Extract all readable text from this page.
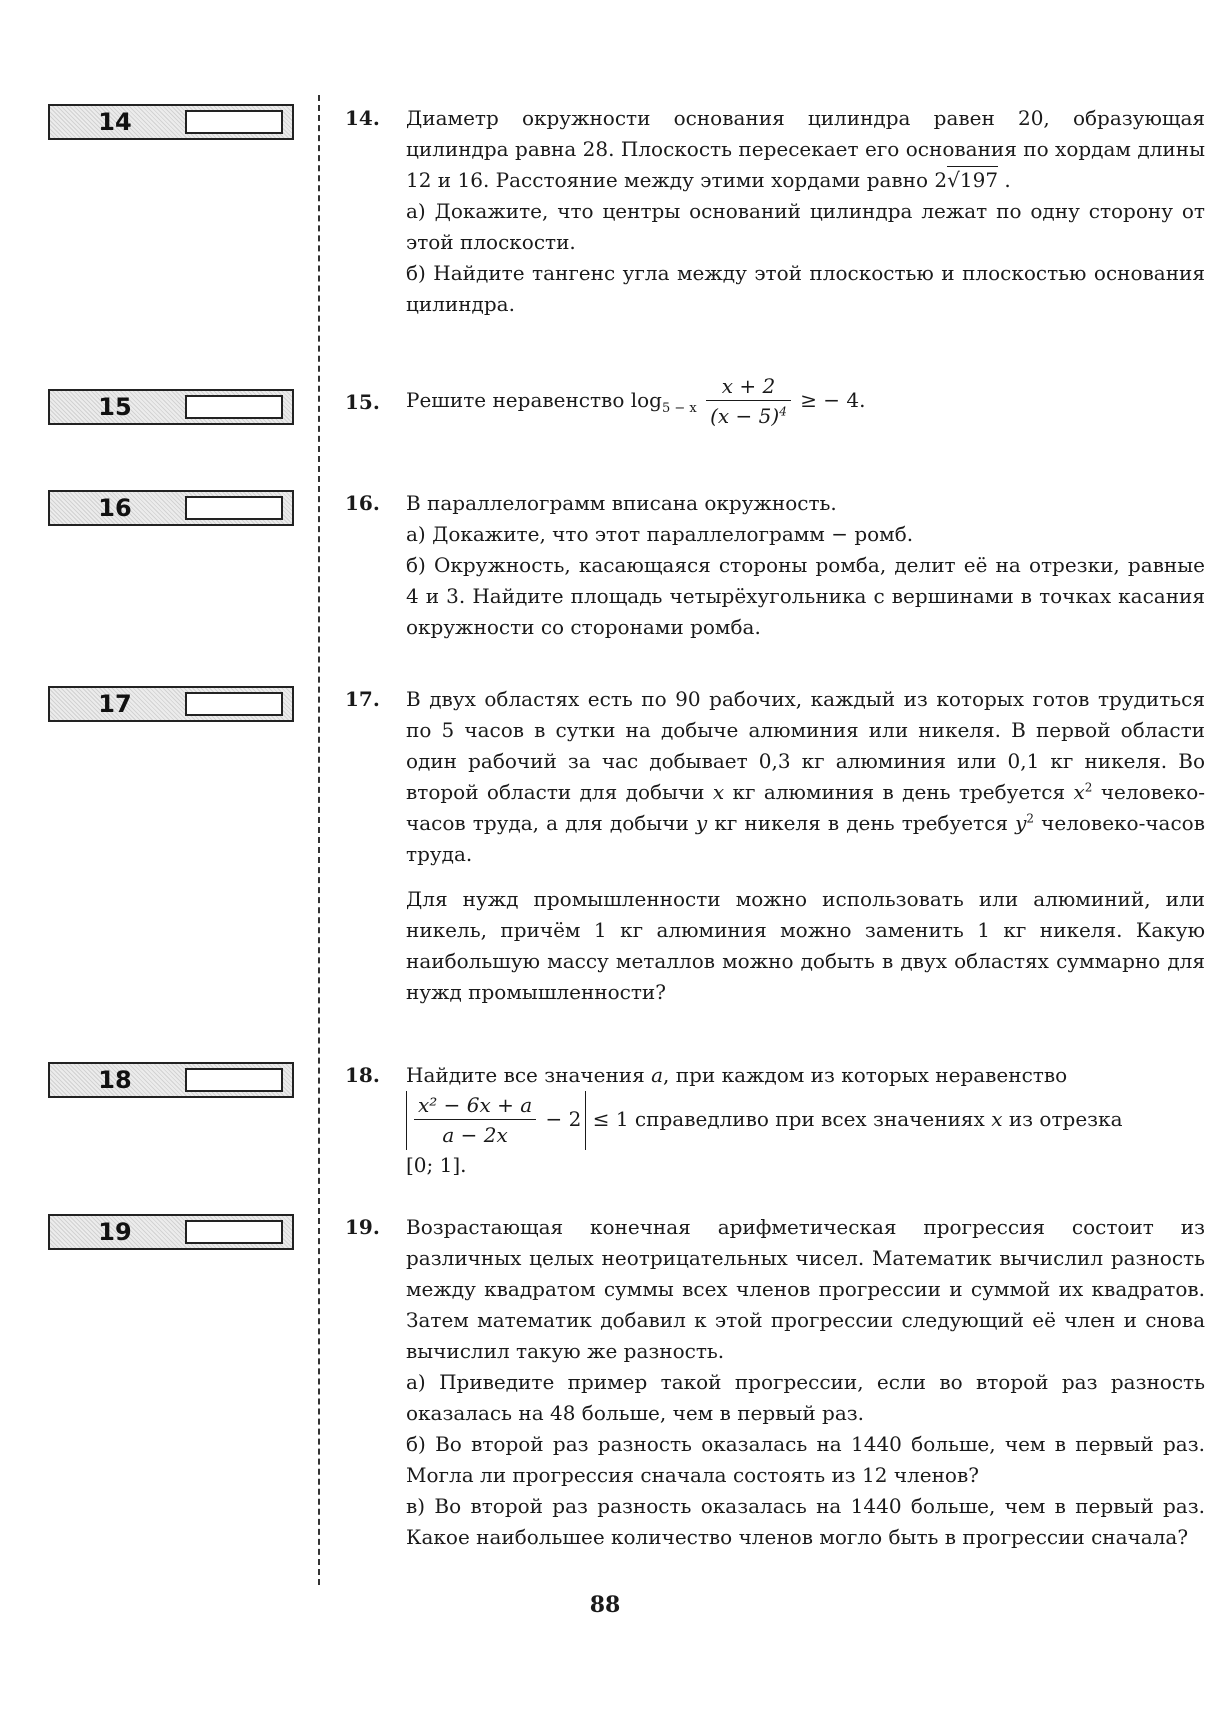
14
15
16
17
18
19
14. Диаметр окружности основания цилиндра равен 20, образующая цилиндра равна 28. Плоскость пересекает его основания по хордам длины 12 и 16. Расстояние между этими хордами равно 2√197 .

а) Докажите, что центры оснований цилиндра лежат по одну сторону от этой плоскости.

б) Найдите тангенс угла между этой плоскостью и плоскостью основания цилиндра.

15. Решите неравенство $\log_{5 - x} \frac{x + 2}{(x - 5)^4}$ ≥ − 4.
16. В параллелограмм вписана окружность.

а) Докажите, что этот параллелограмм − ромб.

б) Окружность, касающаяся стороны ромба, делит её на отрезки, равные 4 и 3. Найдите площадь четырёхугольника с вершинами в точках касания окружности со сторонами ромба.

17. В двух областях есть по 90 рабочих, каждый из которых готов трудиться по 5 часов в сутки на добыче алюминия или никеля. В первой области один рабочий за час добывает 0,3 кг алюминия или 0,1 кг никеля. Во второй области для добычи x кг алюминия в день требуется $x^2$ человеко-часов труда, а для добычи y кг никеля в день требуется $y^2$ человеко-часов труда.

Для нужд промышленности можно использовать или алюминий, или никель, причём 1 кг алюминия можно заменить 1 кг никеля. Какую наибольшую массу металлов можно добыть в двух областях суммарно для нужд промышленности?

18. Найдите все значения a, при каждом из которых неравенство

$\frac{\text{x² − 6x + a}}{a - 2x} - 2 \le 1$ справедливо при всех значениях x из отрезка

[0; 1].

19. Возрастающая конечная арифметическая прогрессия состоит из различных целых неотрицательных чисел. Математик вычислил разность между квадратом суммы всех членов прогрессии и суммой их квадратов. Затем математик добавил к этой прогрессии следующий её член и снова вычислил такую же разность.

а) Приведите пример такой прогрессии, если во второй раз разность оказалась на 48 больше, чем в первый раз.

б) Во второй раз разность оказалась на 1440 больше, чем в первый раз. Могла ли прогрессия сначала состоять из 12 членов?

в) Во второй раз разность оказалась на 1440 больше, чем в первый раз. Какое наибольшее количество членов могло быть в прогрессии сначала?

88
